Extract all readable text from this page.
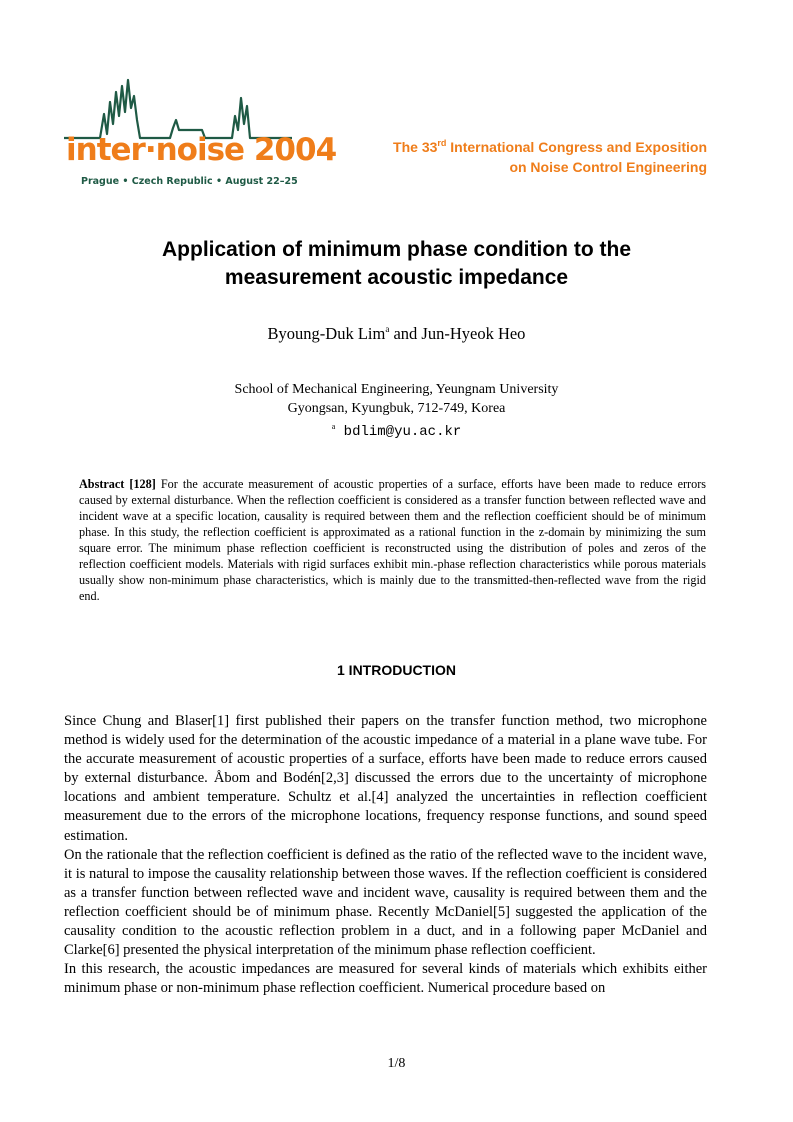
inter·noise 2004
Prague • Czech Republic • August 22–25
The 33rd International Congress and Exposition
on Noise Control Engineering
Application of minimum phase condition to the
measurement acoustic impedance
Byoung-Duk Lim$^a$ and Jun-Hyeok Heo
School of Mechanical Engineering, Yeungnam University
Gyongsan, Kyungbuk, 712-749, Korea
$^a$ bdlim@yu.ac.kr
Abstract [128] For the accurate measurement of acoustic properties of a surface, efforts have been made to reduce errors caused by external disturbance. When the reflection coefficient is considered as a transfer function between reflected wave and incident wave at a specific location, causality is required between them and the reflection coefficient should be of minimum phase. In this study, the reflection coefficient is approximated as a rational function in the z-domain by minimizing the sum square error. The minimum phase reflection coefficient is reconstructed using the distribution of poles and zeros of the reflection coefficient models. Materials with rigid surfaces exhibit min.-phase reflection characteristics while porous materials usually show non-minimum phase characteristics, which is mainly due to the transmitted-then-reflected wave from the rigid end.
1 INTRODUCTION

Since Chung and Blaser[1] first published their papers on the transfer function method, two microphone method is widely used for the determination of the acoustic impedance of a material in a plane wave tube. For the accurate measurement of acoustic properties of a surface, efforts have been made to reduce errors caused by external disturbance. Åbom and Bodén[2,3] discussed the errors due to the uncertainty of microphone locations and ambient temperature. Schultz et al.[4] analyzed the uncertainties in reflection coefficient measurement due to the errors of the microphone locations, frequency response functions, and sound speed estimation.

On the rationale that the reflection coefficient is defined as the ratio of the reflected wave to the incident wave, it is natural to impose the causality relationship between those waves. If the reflection coefficient is considered as a transfer function between reflected wave and incident wave, causality is required between them and the reflection coefficient should be of minimum phase. Recently McDaniel[5] suggested the application of the causality condition to the acoustic reflection problem in a duct, and in a following paper McDaniel and Clarke[6] presented the physical interpretation of the minimum phase reflection coefficient.

In this research, the acoustic impedances are measured for several kinds of materials which exhibits either minimum phase or non-minimum phase reflection coefficient. Numerical procedure based on

1/8
